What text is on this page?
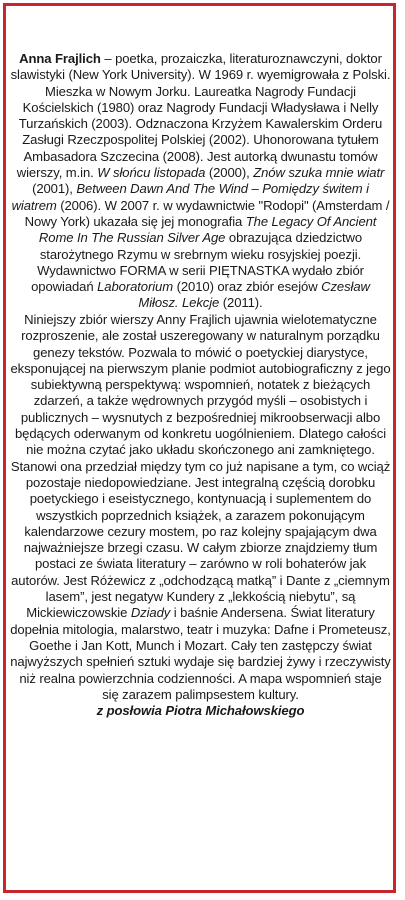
Anna Frajlich – poetka, prozaiczka, literaturoznawczyni, doktor slawistyki (New York University). W 1969 r. wyemigrowała z Polski. Mieszka w Nowym Jorku. Laureatka Nagrody Fundacji Kościelskich (1980) oraz Nagrody Fundacji Władysława i Nelly Turzańskich (2003). Odznaczona Krzyżem Kawalerskim Orderu Zasługi Rzeczpospolitej Polskiej (2002). Uhonorowana tytułem Ambasadora Szczecina (2008). Jest autorką dwunastu tomów wierszy, m.in. W słońcu listopada (2000), Znów szuka mnie wiatr (2001), Between Dawn And The Wind – Pomiędzy świtem i wiatrem (2006). W 2007 r. w wydawnictwie "Rodopi" (Amsterdam / Nowy York) ukazała się jej monografia The Legacy Of Ancient Rome In The Russian Silver Age obrazująca dziedzictwo starożytnego Rzymu w srebrnym wieku rosyjskiej poezji. Wydawnictwo FORMA w serii PIĘTNASTKA wydało zbiór opowiadań Laboratorium (2010) oraz zbiór esejów Czesław Miłosz. Lekcje (2011).

Niniejszy zbiór wierszy Anny Frajlich ujawnia wielotematyczne rozproszenie, ale został uszeregowany w naturalnym porządku genezy tekstów. Pozwala to mówić o poetyckiej diarystyce, eksponującej na pierwszym planie podmiot autobiograficzny z jego subiektywną perspektywą: wspomnień, notatek z bieżących zdarzeń, a także wędrownych przygód myśli – osobistych i publicznych – wysnutych z bezpośredniej mikroobserwacji albo będących oderwanym od konkretu uogólnieniem. Dlatego całości nie można czytać jako układu skończonego ani zamkniętego. Stanowi ona przedział między tym co już napisane a tym, co wciąż pozostaje niedopowiedziane. Jest integralną częścią dorobku poetyckiego i eseistycznego, kontynuacją i suplementem do wszystkich poprzednich książek, a zarazem pokonującym kalendarzowe cezury mostem, po raz kolejny spajającym dwa najważniejsze brzegi czasu. W całym zbiorze znajdziemy tłum postaci ze świata literatury – zarówno w roli bohaterów jak autorów. Jest Różewicz z „odchodzącą matką” i Dante z „ciemnym lasem”, jest negatyw Kundery z „lekkością niebytu”, są Mickiewiczowskie Dziady i baśnie Andersena. Świat literatury dopełnia mitologia, malarstwo, teatr i muzyka: Dafne i Prometeusz, Goethe i Jan Kott, Munch i Mozart. Cały ten zastępczy świat najwyższych spełnień sztuki wydaje się bardziej żywy i rzeczywisty niż realna powierzchnia codzienności. A mapa wspomnień staje się zarazem palimpsestem kultury.

z posłowia Piotra Michałowskiego
